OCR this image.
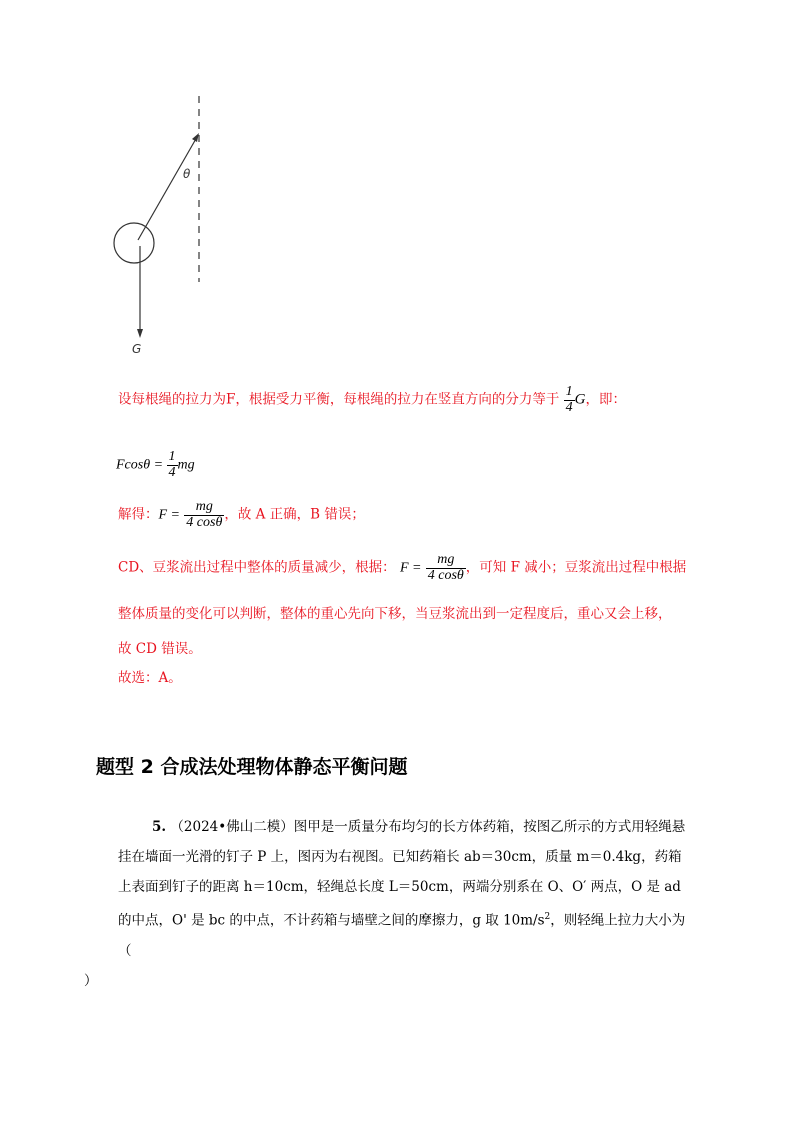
θ
G
设每根绳的拉力为F，根据受力平衡，每根绳的拉力在竖直方向的分力等于 $\frac{1}{4}$ G，即：
$Fcos\theta = \frac{1}{4}$ mg
解得：$F = \frac{mg}{4 \cos\theta}$ ，故 A 正确，B 错误；
CD、豆浆流出过程中整体的质量减少，根据： $F = \frac{mg}{4 \cos\theta}$ ，可知 F 减小；豆浆流出过程中根据
整体质量的变化可以判断，整体的重心先向下移，当豆浆流出到一定程度后，重心又会上移，
故 CD 错误。
故选：A。
题型 2 合成法处理物体静态平衡问题
5. （2024•佛山二模）图甲是一质量分布均匀的长方体药箱，按图乙所示的方式用轻绳悬挂在墙面一光滑的钉子 P 上，图丙为右视图。已知药箱长 ab＝30cm，质量 m＝0.4kg，药箱上表面到钉子的距离 h＝10cm，轻绳总长度 L＝50cm，两端分别系在 O、O′ 两点，O 是 ad 的中点，O' 是 bc 的中点，不计药箱与墙壁之间的摩擦力，g 取 $10m/s^2$，则轻绳上拉力大小为（
）
